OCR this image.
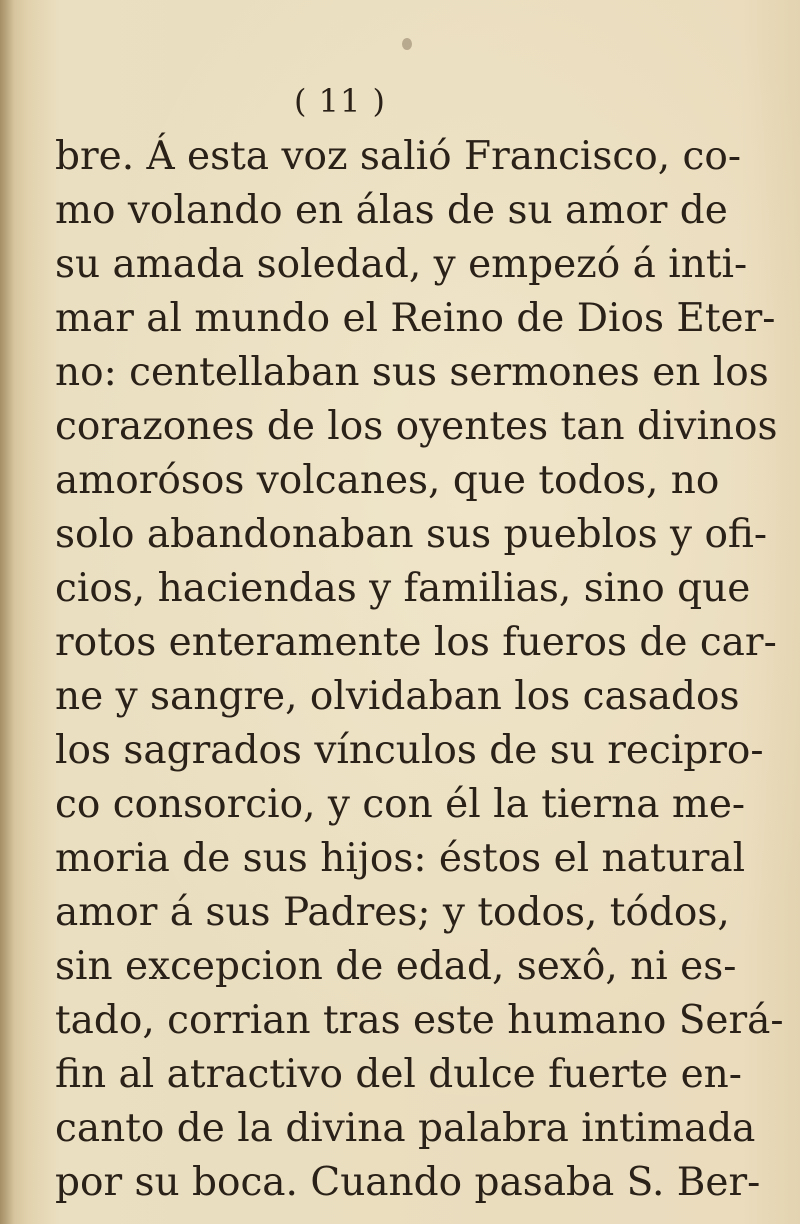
( 11 )
bre. Á esta voz salió Francisco, co-
mo volando en álas de su amor de
su amada soledad, y empezó á inti-
mar al mundo el Reino de Dios Eter-
no: centellaban sus sermones en los
corazones de los oyentes tan divinos
amorósos volcanes, que todos, no
solo abandonaban sus pueblos y ofi-
cios, haciendas y familias, sino que
rotos enteramente los fueros de car-
ne y sangre, olvidaban los casados
los sagrados vínculos de su recipro-
co consorcio, y con él la tierna me-
moria de sus hijos: éstos el natural
amor á sus Padres; y todos, tódos,
sin excepcion de edad, sexô, ni es-
tado, corrian tras este humano Será-
fin al atractivo del dulce fuerte en-
canto de la divina palabra intimada
por su boca. Cuando pasaba S. Ber-
